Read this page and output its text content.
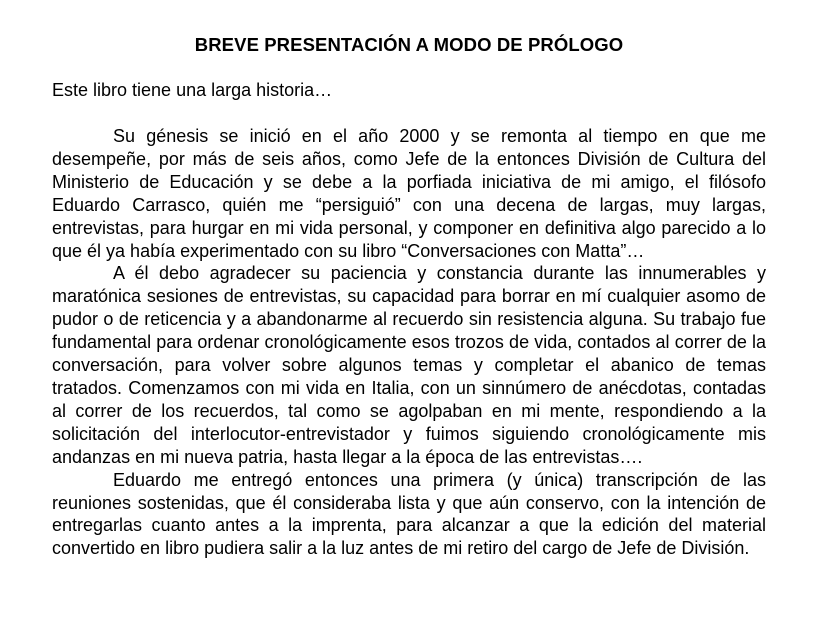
BREVE PRESENTACIÓN A MODO DE PRÓLOGO
Este libro tiene una larga historia…

Su génesis se inició en el año 2000 y se remonta al tiempo en que me desempeñe, por más de seis años, como Jefe de la entonces División de Cultura del Ministerio de Educación y se debe a la porfiada iniciativa de mi amigo, el filósofo Eduardo Carrasco, quién me “persiguió” con una decena de largas, muy largas, entrevistas, para hurgar en mi vida personal, y componer en definitiva algo parecido a lo que él ya había experimentado con su libro “Conversaciones con Matta”…

A él debo agradecer su paciencia y constancia durante las innumerables y maratónica sesiones de entrevistas, su capacidad para borrar en mí cualquier asomo de pudor o de reticencia y a abandonarme al recuerdo sin resistencia alguna. Su trabajo fue fundamental para ordenar cronológicamente esos trozos de vida, contados al correr de la conversación, para volver sobre algunos temas y completar el abanico de temas tratados. Comenzamos con mi vida en Italia, con un sinnúmero de anécdotas, contadas al correr de los recuerdos, tal como se agolpaban en mi mente, respondiendo a la solicitación del interlocutor-entrevistador y fuimos siguiendo cronológicamente mis andanzas en mi nueva patria, hasta llegar a la época de las entrevistas….

Eduardo me entregó entonces una primera (y única) transcripción de las reuniones sostenidas, que él consideraba lista y que aún conservo, con la intención de entregarlas cuanto antes a la imprenta, para alcanzar a que la edición del material convertido en libro pudiera salir a la luz antes de mi retiro del cargo de Jefe de División.
